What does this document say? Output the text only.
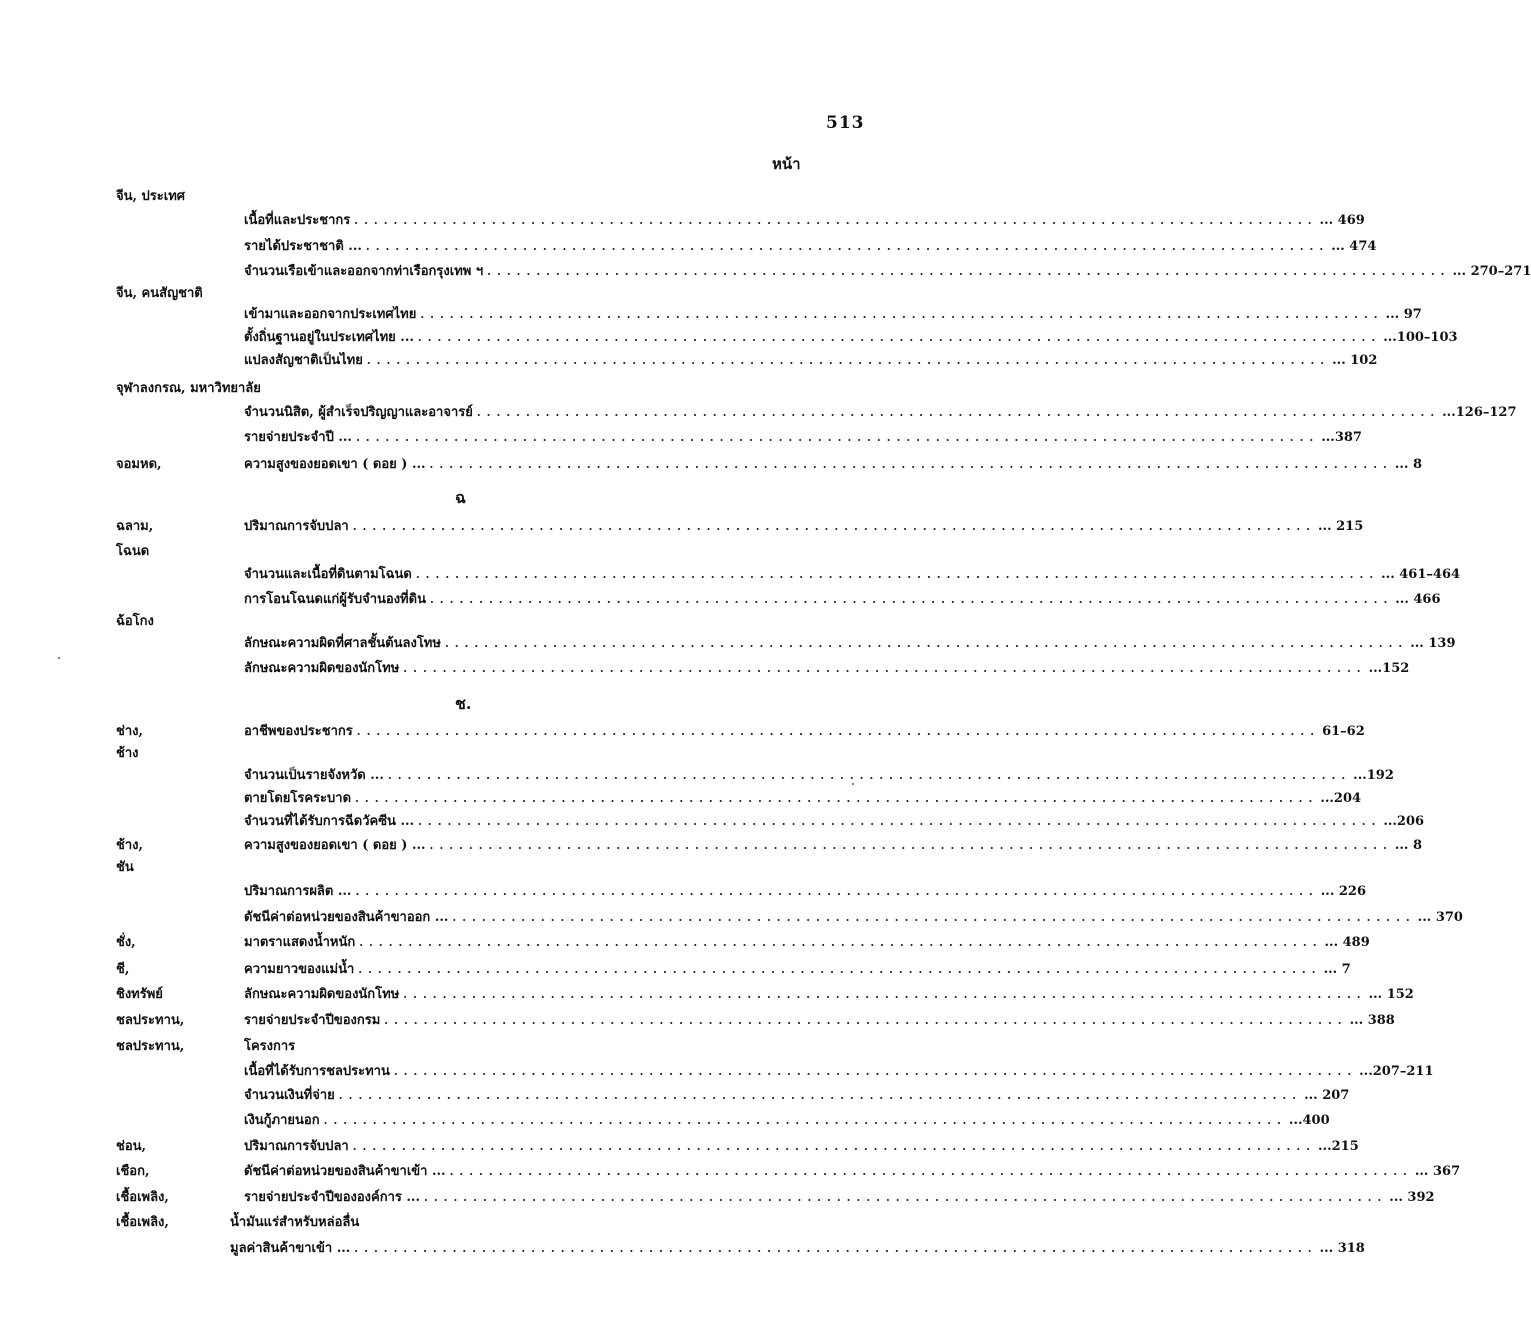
513
หน้า
ฉ
ช.
จีน, ประเทศ
เนื้อที่และประชากร .................................................................................................. ... 469
รายได้ประชาชาติ ... .................................................................................................. ... 474
จำนวนเรือเข้าและออกจากท่าเรือกรุงเทพ ฯ .................................................................................................. ... 270–271
จีน, คนสัญชาติ
เข้ามาและออกจากประเทศไทย .................................................................................................. ... 97
ตั้งถิ่นฐานอยู่ในประเทศไทย ... .................................................................................................. ...100–103
แปลงสัญชาติเป็นไทย .................................................................................................. ... 102
จุฬาลงกรณ, มหาวิทยาลัย
จำนวนนิสิต, ผู้สำเร็จปริญญาและอาจารย์ .................................................................................................. ...126–127
รายจ่ายประจำปี ... .................................................................................................. ...387
จอมหด,	ความสูงของยอดเขา ( ดอย ) ... .................................................................................................. ... 8
ฉลาม,	ปริมาณการจับปลา .................................................................................................. ... 215
โฉนด
จำนวนและเนื้อที่ดินตามโฉนด .................................................................................................. ... 461–464
การโอนโฉนดแก่ผู้รับจำนองที่ดิน .................................................................................................. ... 466
ฉ้อโกง
ลักษณะความผิดที่ศาลชั้นต้นลงโทษ .................................................................................................. ... 139
ลักษณะความผิดของนักโทษ .................................................................................................. ...152
ช่าง,	อาชีพของประชากร .................................................................................................. 61–62
ช้าง
จำนวนเป็นรายจังหวัด ... .................................................................................................. ...192
ตายโดยโรคระบาด .................................................................................................. ...204
จำนวนที่ได้รับการฉีดวัคซีน ... .................................................................................................. ...206
ช้าง,	ความสูงของยอดเขา ( ดอย ) ... .................................................................................................. ... 8
ชัน
ปริมาณการผลิต ... .................................................................................................. ... 226
ดัชนีค่าต่อหน่วยของสินค้าขาออก ... .................................................................................................. ... 370
ชั่ง,	มาตราแสดงน้ำหนัก .................................................................................................. ... 489
ชี,	ความยาวของแม่น้ำ .................................................................................................. ... 7
ชิงทรัพย์	ลักษณะความผิดของนักโทษ .................................................................................................. ... 152
ชลประทาน,	รายจ่ายประจำปีของกรม .................................................................................................. ... 388
ชลประทาน,	โครงการ
เนื้อที่ได้รับการชลประทาน .................................................................................................. ...207–211
จำนวนเงินที่จ่าย .................................................................................................. ... 207
เงินกู้ภายนอก .................................................................................................. ...400
ช่อน,	ปริมาณการจับปลา .................................................................................................. ...215
เชือก,	ดัชนีค่าต่อหน่วยของสินค้าขาเข้า ... .................................................................................................. ... 367
เชื้อเพลิง,	รายจ่ายประจำปีขององค์การ ... .................................................................................................. ... 392
เชื้อเพลิง,	น้ำมันแร่สำหรับหล่อลื่น
มูลค่าสินค้าขาเข้า ... .................................................................................................. ... 318
